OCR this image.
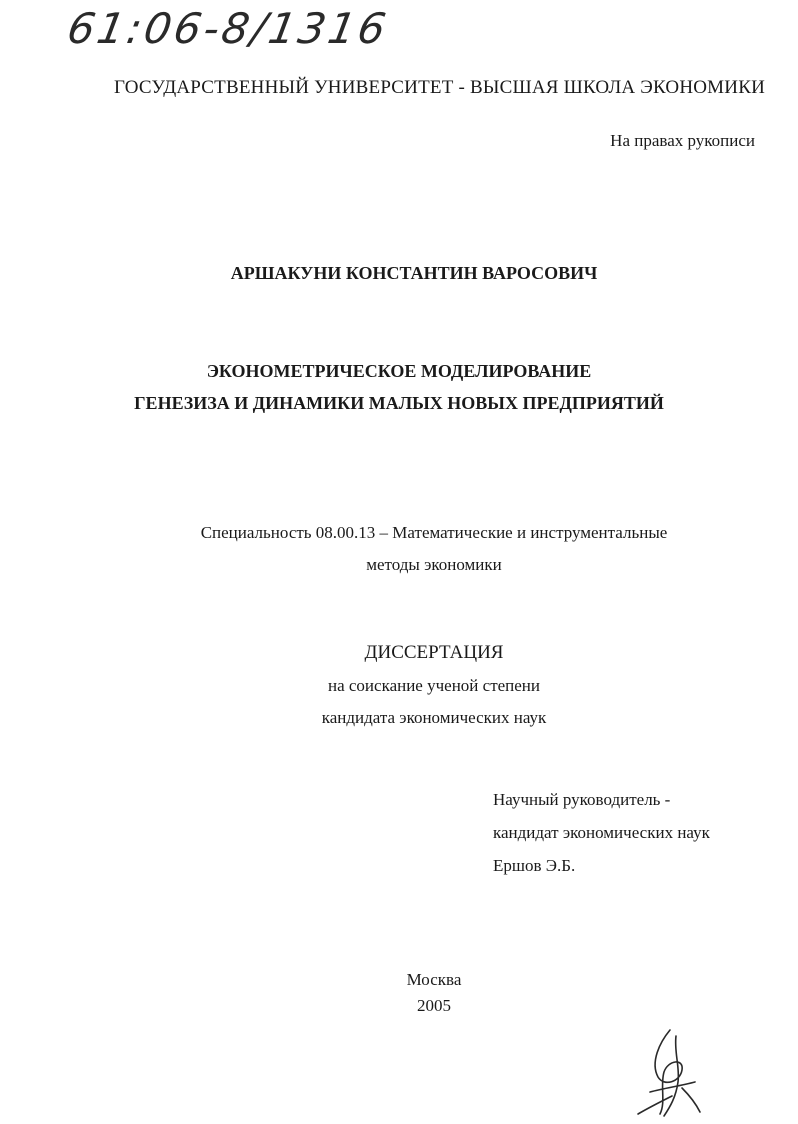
61:06-8/1316
ГОСУДАРСТВЕННЫЙ УНИВЕРСИТЕТ - ВЫСШАЯ ШКОЛА ЭКОНОМИКИ
На правах рукописи
АРШАКУНИ КОНСТАНТИН ВАРОСОВИЧ
ЭКОНОМЕТРИЧЕСКОЕ МОДЕЛИРОВАНИЕ
ГЕНЕЗИЗА И ДИНАМИКИ МАЛЫХ НОВЫХ ПРЕДПРИЯТИЙ
Специальность 08.00.13 – Математические и инструментальные
методы экономики
ДИССЕРТАЦИЯ
на соискание ученой степени
кандидата экономических наук
Научный руководитель -
кандидат экономических наук
Ершов Э.Б.
Москва
2005
